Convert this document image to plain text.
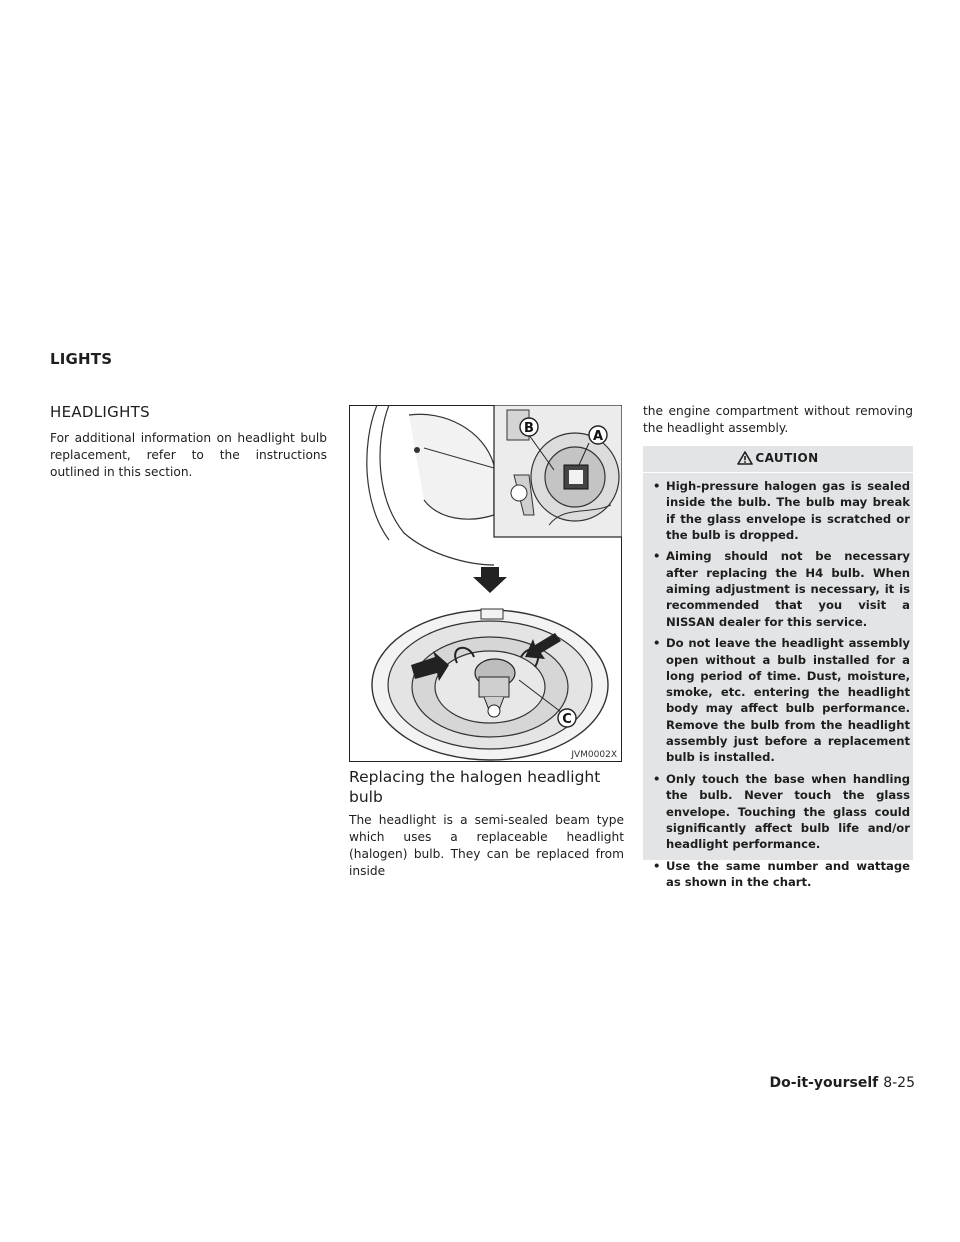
LIGHTS
HEADLIGHTS
For additional information on headlight bulb replacement, refer to the instructions outlined in this section.
B
A
C
JVM0002X
Replacing the halogen headlight bulb
The headlight is a semi-sealed beam type which uses a replaceable headlight (halogen) bulb. They can be replaced from inside
the engine compartment without removing the headlight assembly.
CAUTION
• High-pressure halogen gas is sealed inside the bulb. The bulb may break if the glass envelope is scratched or the bulb is dropped.
• Aiming should not be necessary after replacing the H4 bulb. When aiming adjustment is necessary, it is recommended that you visit a NISSAN dealer for this service.
• Do not leave the headlight assembly open without a bulb installed for a long period of time. Dust, moisture, smoke, etc. entering the headlight body may affect bulb performance. Remove the bulb from the headlight assembly just before a replacement bulb is installed.
• Only touch the base when handling the bulb. Never touch the glass envelope. Touching the glass could significantly affect bulb life and/or headlight performance.
• Use the same number and wattage as shown in the chart.
Do-it-yourself 8-25
